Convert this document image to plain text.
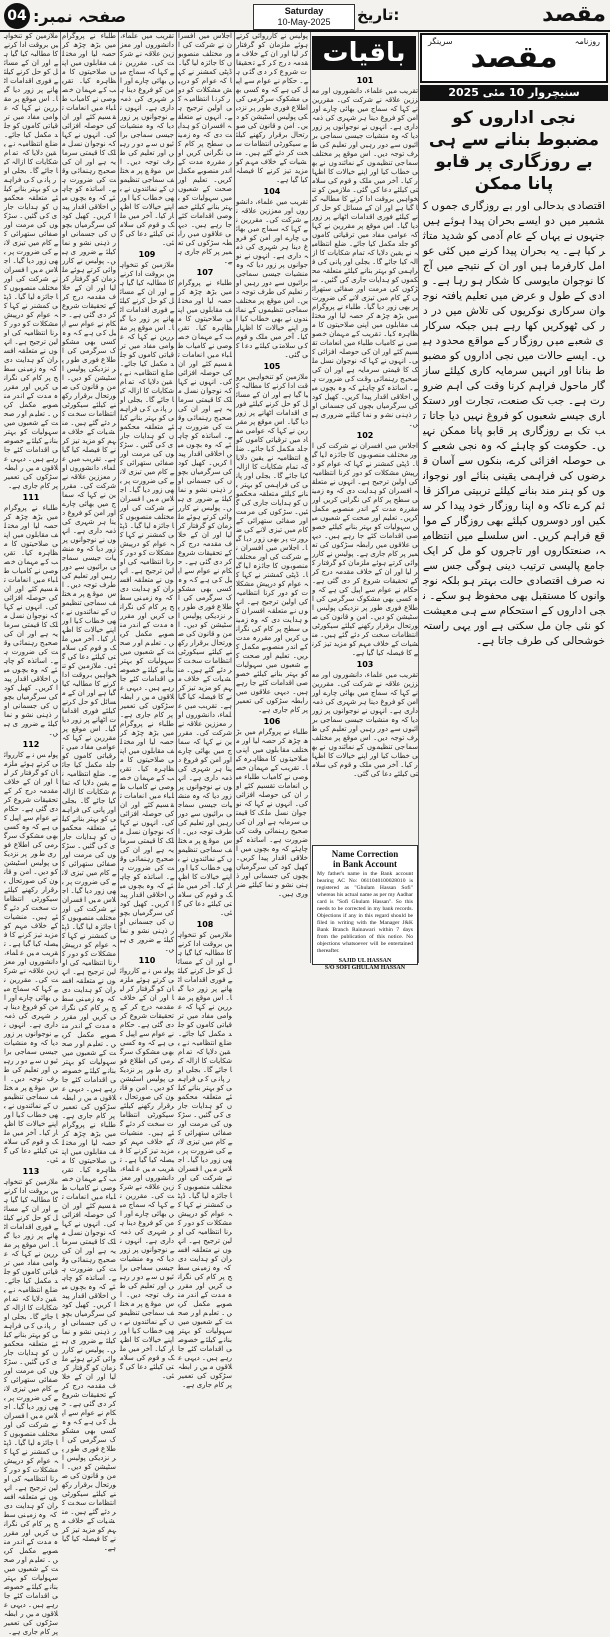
صفحہ نمبر:
04	Saturday
10-May-2025	تاریخ:	مقصد
ملازمین کو تنخواہیں بروقت ادا کرنے کا مطالبہ کیا گیا ہے اور ان کے مسائل کو حل کرنے کیلئے فوری اقدامات اٹھانے پر زور دیا گیا۔ اس موقع پر مقررین نے کہا کہ عوامی مفاد میں ترقیاتی کاموں کو جلد مکمل کیا جائے۔ ضلع انتظامیہ نے یقین دلایا کہ تمام شکایات کا ازالہ کیا جائے گا۔ بجلی اور پانی کی فراہمی کو بہتر بنانے کیلئے متعلقہ محکموں کو ہدایات جاری کی گئیں۔ سڑکوں کی مرمت اور صفائی ستھرائی کے کام میں تیزی لانے کی ضرورت پر بھی زور دیا گیا۔ اجلاس میں افسران نے شرکت کی اور مختلف منصوبوں کا جائزہ لیا گیا۔ ڈپٹی کمشنر نے کہا کہ عوام کو درپیش مشکلات کو دور کرنا انتظامیہ کی اولین ترجیح ہے۔ انہوں نے متعلقہ افسران کو ہدایت دی کہ وہ زمینی سطح پر کام کی نگرانی کریں اور مقررہ مدت کے اندر منصوبے مکمل کریں۔ تعلیم اور صحت کے شعبوں میں سہولیات کو بہتر بنانے کیلئے خصوصی اقدامات کئے جا رہے ہیں۔ دیہی علاقوں میں رابطہ سڑکوں کی تعمیر پر کام جاری ہے۔
111
طلباء نے پروگرام میں بڑھ چڑھ کر حصہ لیا اور مختلف مقابلوں میں اپنی صلاحیتوں کا مظاہرہ کیا۔ تقریب کے مہمان خصوصی نے کامیاب طلباء میں انعامات تقسیم کئے اور ان کی حوصلہ افزائی کی۔ انہوں نے کہا کہ نوجوان نسل ملک کا قیمتی سرمایہ ہے اور ان کی صحیح رہنمائی وقت کی ضرورت ہے۔ اساتذہ کو چاہئے کہ وہ بچوں میں اخلاقی اقدار پیدا کریں۔ کھیل کود کی سرگرمیاں بچوں کی جسمانی اور ذہنی نشو و نما کیلئے ضروری ہیں۔
112
پولیس نے کارروائی کرتے ہوئے ملزمان کو گرفتار کر لیا اور ان کے خلاف مقدمہ درج کر کے تحقیقات شروع کر دی گئی ہے۔ حکام نے عوام سے اپیل کی ہے کہ وہ کسی بھی مشکوک سرگرمی کی اطلاع فوری طور پر نزدیکی پولیس اسٹیشن کو دیں۔ امن و قانون کی صورتحال برقرار رکھنے کیلئے سیکورٹی انتظامات سخت کر دئے گئے ہیں۔ منشیات کے خلاف مہم کو مزید تیز کرنے کا فیصلہ کیا گیا ہے۔ تقریب میں علماء، دانشوروں اور معززین علاقہ نے شرکت کی۔ مقررین نے کہا کہ سماج میں بھائی چارے اور امن کو فروغ دینا ہر شہری کی ذمہ داری ہے۔ انہوں نے نوجوانوں پر زور دیا کہ وہ منشیات جیسی سماجی برائیوں سے دور رہیں اور تعلیم کی طرف توجہ دیں۔ اس موقع پر مختلف سماجی تنظیموں کے نمائندوں نے بھی خطاب کیا اور اپنے خیالات کا اظہار کیا۔ آخر میں ملک و قوم کی سلامتی کیلئے دعا کی گئی۔
113
ملازمین کو تنخواہیں بروقت ادا کرنے کا مطالبہ کیا گیا ہے اور ان کے مسائل کو حل کرنے کیلئے فوری اقدامات اٹھانے پر زور دیا گیا۔ اس موقع پر مقررین نے کہا کہ عوامی مفاد میں ترقیاتی کاموں کو جلد مکمل کیا جائے۔ ضلع انتظامیہ نے یقین دلایا کہ تمام شکایات کا ازالہ کیا جائے گا۔ بجلی اور پانی کی فراہمی کو بہتر بنانے کیلئے متعلقہ محکموں کو ہدایات جاری کی گئیں۔ سڑکوں کی مرمت اور صفائی ستھرائی کے کام میں تیزی لانے کی ضرورت پر بھی زور دیا گیا۔ اجلاس میں افسران نے شرکت کی اور مختلف منصوبوں کا جائزہ لیا گیا۔ ڈپٹی کمشنر نے کہا کہ عوام کو درپیش مشکلات کو دور کرنا انتظامیہ کی اولین ترجیح ہے۔ انہوں نے متعلقہ افسران کو ہدایت دی کہ وہ زمینی سطح پر کام کی نگرانی کریں اور مقررہ مدت کے اندر منصوبے مکمل کریں۔ تعلیم اور صحت کے شعبوں میں سہولیات کو بہتر بنانے کیلئے خصوصی اقدامات کئے جا رہے ہیں۔ دیہی علاقوں میں رابطہ سڑکوں کی تعمیر پر کام جاری ہے۔
طلباء نے پروگرام میں بڑھ چڑھ کر حصہ لیا اور مختلف مقابلوں میں اپنی صلاحیتوں کا مظاہرہ کیا۔ تقریب کے مہمان خصوصی نے کامیاب طلباء میں انعامات تقسیم کئے اور ان کی حوصلہ افزائی کی۔ انہوں نے کہا کہ نوجوان نسل ملک کا قیمتی سرمایہ ہے اور ان کی صحیح رہنمائی وقت کی ضرورت ہے۔ اساتذہ کو چاہئے کہ وہ بچوں میں اخلاقی اقدار پیدا کریں۔ کھیل کود کی سرگرمیاں بچوں کی جسمانی اور ذہنی نشو و نما کیلئے ضروری ہیں۔ پولیس نے کارروائی کرتے ہوئے ملزمان کو گرفتار کر لیا اور ان کے خلاف مقدمہ درج کر کے تحقیقات شروع کر دی گئی ہے۔ حکام نے عوام سے اپیل کی ہے کہ وہ کسی بھی مشکوک سرگرمی کی اطلاع فوری طور پر نزدیکی پولیس اسٹیشن کو دیں۔ امن و قانون کی صورتحال برقرار رکھنے کیلئے سیکورٹی انتظامات سخت کر دئے گئے ہیں۔ منشیات کے خلاف مہم کو مزید تیز کرنے کا فیصلہ کیا گیا ہے۔ تقریب میں علماء، دانشوروں اور معززین علاقہ نے شرکت کی۔ مقررین نے کہا کہ سماج میں بھائی چارے اور امن کو فروغ دینا ہر شہری کی ذمہ داری ہے۔ انہوں نے نوجوانوں پر زور دیا کہ وہ منشیات جیسی سماجی برائیوں سے دور رہیں اور تعلیم کی طرف توجہ دیں۔ اس موقع پر مختلف سماجی تنظیموں کے نمائندوں نے بھی خطاب کیا اور اپنے خیالات کا اظہار کیا۔ آخر میں ملک و قوم کی سلامتی کیلئے دعا کی گئی۔ ملازمین کو تنخواہیں بروقت ادا کرنے کا مطالبہ کیا گیا ہے اور ان کے مسائل کو حل کرنے کیلئے فوری اقدامات اٹھانے پر زور دیا گیا۔ اس موقع پر مقررین نے کہا کہ عوامی مفاد میں ترقیاتی کاموں کو جلد مکمل کیا جائے۔ ضلع انتظامیہ نے یقین دلایا کہ تمام شکایات کا ازالہ کیا جائے گا۔ بجلی اور پانی کی فراہمی کو بہتر بنانے کیلئے متعلقہ محکموں کو ہدایات جاری کی گئیں۔ سڑکوں کی مرمت اور صفائی ستھرائی کے کام میں تیزی لانے کی ضرورت پر بھی زور دیا گیا۔ اجلاس میں افسران نے شرکت کی اور مختلف منصوبوں کا جائزہ لیا گیا۔ ڈپٹی کمشنر نے کہا کہ عوام کو درپیش مشکلات کو دور کرنا انتظامیہ کی اولین ترجیح ہے۔ انہوں نے متعلقہ افسران کو ہدایت دی کہ وہ زمینی سطح پر کام کی نگرانی کریں اور مقررہ مدت کے اندر منصوبے مکمل کریں۔ تعلیم اور صحت کے شعبوں میں سہولیات کو بہتر بنانے کیلئے خصوصی اقدامات کئے جا رہے ہیں۔ دیہی علاقوں میں رابطہ سڑکوں کی تعمیر پر کام جاری ہے۔ طلباء نے پروگرام میں بڑھ چڑھ کر حصہ لیا اور مختلف مقابلوں میں اپنی صلاحیتوں کا مظاہرہ کیا۔ تقریب کے مہمان خصوصی نے کامیاب طلباء میں انعامات تقسیم کئے اور ان کی حوصلہ افزائی کی۔ انہوں نے کہا کہ نوجوان نسل ملک کا قیمتی سرمایہ ہے اور ان کی صحیح رہنمائی وقت کی ضرورت ہے۔ اساتذہ کو چاہئے کہ وہ بچوں میں اخلاقی اقدار پیدا کریں۔ کھیل کود کی سرگرمیاں بچوں کی جسمانی اور ذہنی نشو و نما کیلئے ضروری ہیں۔ پولیس نے کارروائی کرتے ہوئے ملزمان کو گرفتار کر لیا اور ان کے خلاف مقدمہ درج کر کے تحقیقات شروع کر دی گئی ہے۔ حکام نے عوام سے اپیل کی ہے کہ وہ کسی بھی مشکوک سرگرمی کی اطلاع فوری طور پر نزدیکی پولیس اسٹیشن کو دیں۔ امن و قانون کی صورتحال برقرار رکھنے کیلئے سیکورٹی انتظامات سخت کر دئے گئے ہیں۔ منشیات کے خلاف مہم کو مزید تیز کرنے کا فیصلہ کیا گیا ہے۔
تقریب میں علماء، دانشوروں اور معززین علاقہ نے شرکت کی۔ مقررین نے کہا کہ سماج میں بھائی چارے اور امن کو فروغ دینا ہر شہری کی ذمہ داری ہے۔ انہوں نے نوجوانوں پر زور دیا کہ وہ منشیات جیسی سماجی برائیوں سے دور رہیں اور تعلیم کی طرف توجہ دیں۔ اس موقع پر مختلف سماجی تنظیموں کے نمائندوں نے بھی خطاب کیا اور اپنے خیالات کا اظہار کیا۔ آخر میں ملک و قوم کی سلامتی کیلئے دعا کی گئی۔
109
ملازمین کو تنخواہیں بروقت ادا کرنے کا مطالبہ کیا گیا ہے اور ان کے مسائل کو حل کرنے کیلئے فوری اقدامات اٹھانے پر زور دیا گیا۔ اس موقع پر مقررین نے کہا کہ عوامی مفاد میں ترقیاتی کاموں کو جلد مکمل کیا جائے۔ ضلع انتظامیہ نے یقین دلایا کہ تمام شکایات کا ازالہ کیا جائے گا۔ بجلی اور پانی کی فراہمی کو بہتر بنانے کیلئے متعلقہ محکموں کو ہدایات جاری کی گئیں۔ سڑکوں کی مرمت اور صفائی ستھرائی کے کام میں تیزی لانے کی ضرورت پر بھی زور دیا گیا۔ اجلاس میں افسران نے شرکت کی اور مختلف منصوبوں کا جائزہ لیا گیا۔ ڈپٹی کمشنر نے کہا کہ عوام کو درپیش مشکلات کو دور کرنا انتظامیہ کی اولین ترجیح ہے۔ انہوں نے متعلقہ افسران کو ہدایت دی کہ وہ زمینی سطح پر کام کی نگرانی کریں اور مقررہ مدت کے اندر منصوبے مکمل کریں۔ تعلیم اور صحت کے شعبوں میں سہولیات کو بہتر بنانے کیلئے خصوصی اقدامات کئے جا رہے ہیں۔ دیہی علاقوں میں رابطہ سڑکوں کی تعمیر پر کام جاری ہے۔ طلباء نے پروگرام میں بڑھ چڑھ کر حصہ لیا اور مختلف مقابلوں میں اپنی صلاحیتوں کا مظاہرہ کیا۔ تقریب کے مہمان خصوصی نے کامیاب طلباء میں انعامات تقسیم کئے اور ان کی حوصلہ افزائی کی۔ انہوں نے کہا کہ نوجوان نسل ملک کا قیمتی سرمایہ ہے اور ان کی صحیح رہنمائی وقت کی ضرورت ہے۔ اساتذہ کو چاہئے کہ وہ بچوں میں اخلاقی اقدار پیدا کریں۔ کھیل کود کی سرگرمیاں بچوں کی جسمانی اور ذہنی نشو و نما کیلئے ضروری ہیں۔
110
پولیس نے کارروائی کرتے ہوئے ملزمان کو گرفتار کر لیا اور ان کے خلاف مقدمہ درج کر کے تحقیقات شروع کر دی گئی ہے۔ حکام نے عوام سے اپیل کی ہے کہ وہ کسی بھی مشکوک سرگرمی کی اطلاع فوری طور پر نزدیکی پولیس اسٹیشن کو دیں۔ امن و قانون کی صورتحال برقرار رکھنے کیلئے سیکورٹی انتظامات سخت کر دئے گئے ہیں۔ منشیات کے خلاف مہم کو مزید تیز کرنے کا فیصلہ کیا گیا ہے۔ تقریب میں علماء، دانشوروں اور معززین علاقہ نے شرکت کی۔ مقررین نے کہا کہ سماج میں بھائی چارے اور امن کو فروغ دینا ہر شہری کی ذمہ داری ہے۔ انہوں نے نوجوانوں پر زور دیا کہ وہ منشیات جیسی سماجی برائیوں سے دور رہیں اور تعلیم کی طرف توجہ دیں۔ اس موقع پر مختلف سماجی تنظیموں کے نمائندوں نے بھی خطاب کیا اور اپنے خیالات کا اظہار کیا۔ آخر میں ملک و قوم کی سلامتی کیلئے دعا کی گئی۔
اجلاس میں افسران نے شرکت کی اور مختلف منصوبوں کا جائزہ لیا گیا۔ ڈپٹی کمشنر نے کہا کہ عوام کو درپیش مشکلات کو دور کرنا انتظامیہ کی اولین ترجیح ہے۔ انہوں نے متعلقہ افسران کو ہدایت دی کہ وہ زمینی سطح پر کام کی نگرانی کریں اور مقررہ مدت کے اندر منصوبے مکمل کریں۔ تعلیم اور صحت کے شعبوں میں سہولیات کو بہتر بنانے کیلئے خصوصی اقدامات کئے جا رہے ہیں۔ دیہی علاقوں میں رابطہ سڑکوں کی تعمیر پر کام جاری ہے۔
107
طلباء نے پروگرام میں بڑھ چڑھ کر حصہ لیا اور مختلف مقابلوں میں اپنی صلاحیتوں کا مظاہرہ کیا۔ تقریب کے مہمان خصوصی نے کامیاب طلباء میں انعامات تقسیم کئے اور ان کی حوصلہ افزائی کی۔ انہوں نے کہا کہ نوجوان نسل ملک کا قیمتی سرمایہ ہے اور ان کی صحیح رہنمائی وقت کی ضرورت ہے۔ اساتذہ کو چاہئے کہ وہ بچوں میں اخلاقی اقدار پیدا کریں۔ کھیل کود کی سرگرمیاں بچوں کی جسمانی اور ذہنی نشو و نما کیلئے ضروری ہیں۔ پولیس نے کارروائی کرتے ہوئے ملزمان کو گرفتار کر لیا اور ان کے خلاف مقدمہ درج کر کے تحقیقات شروع کر دی گئی ہے۔ حکام نے عوام سے اپیل کی ہے کہ وہ کسی بھی مشکوک سرگرمی کی اطلاع فوری طور پر نزدیکی پولیس اسٹیشن کو دیں۔ امن و قانون کی صورتحال برقرار رکھنے کیلئے سیکورٹی انتظامات سخت کر دئے گئے ہیں۔ منشیات کے خلاف مہم کو مزید تیز کرنے کا فیصلہ کیا گیا ہے۔ تقریب میں علماء، دانشوروں اور معززین علاقہ نے شرکت کی۔ مقررین نے کہا کہ سماج میں بھائی چارے اور امن کو فروغ دینا ہر شہری کی ذمہ داری ہے۔ انہوں نے نوجوانوں پر زور دیا کہ وہ منشیات جیسی سماجی برائیوں سے دور رہیں اور تعلیم کی طرف توجہ دیں۔ اس موقع پر مختلف سماجی تنظیموں کے نمائندوں نے بھی خطاب کیا اور اپنے خیالات کا اظہار کیا۔ آخر میں ملک و قوم کی سلامتی کیلئے دعا کی گئی۔
108
ملازمین کو تنخواہیں بروقت ادا کرنے کا مطالبہ کیا گیا ہے اور ان کے مسائل کو حل کرنے کیلئے فوری اقدامات اٹھانے پر زور دیا گیا۔ اس موقع پر مقررین نے کہا کہ عوامی مفاد میں ترقیاتی کاموں کو جلد مکمل کیا جائے۔ ضلع انتظامیہ نے یقین دلایا کہ تمام شکایات کا ازالہ کیا جائے گا۔ بجلی اور پانی کی فراہمی کو بہتر بنانے کیلئے متعلقہ محکموں کو ہدایات جاری کی گئیں۔ سڑکوں کی مرمت اور صفائی ستھرائی کے کام میں تیزی لانے کی ضرورت پر بھی زور دیا گیا۔ اجلاس میں افسران نے شرکت کی اور مختلف منصوبوں کا جائزہ لیا گیا۔ ڈپٹی کمشنر نے کہا کہ عوام کو درپیش مشکلات کو دور کرنا انتظامیہ کی اولین ترجیح ہے۔ انہوں نے متعلقہ افسران کو ہدایت دی کہ وہ زمینی سطح پر کام کی نگرانی کریں اور مقررہ مدت کے اندر منصوبے مکمل کریں۔ تعلیم اور صحت کے شعبوں میں سہولیات کو بہتر بنانے کیلئے خصوصی اقدامات کئے جا رہے ہیں۔ دیہی علاقوں میں رابطہ سڑکوں کی تعمیر پر کام جاری ہے۔
پولیس نے کارروائی کرتے ہوئے ملزمان کو گرفتار کر لیا اور ان کے خلاف مقدمہ درج کر کے تحقیقات شروع کر دی گئی ہے۔ حکام نے عوام سے اپیل کی ہے کہ وہ کسی بھی مشکوک سرگرمی کی اطلاع فوری طور پر نزدیکی پولیس اسٹیشن کو دیں۔ امن و قانون کی صورتحال برقرار رکھنے کیلئے سیکورٹی انتظامات سخت کر دئے گئے ہیں۔ منشیات کے خلاف مہم کو مزید تیز کرنے کا فیصلہ کیا گیا ہے۔
104
تقریب میں علماء، دانشوروں اور معززین علاقہ نے شرکت کی۔ مقررین نے کہا کہ سماج میں بھائی چارے اور امن کو فروغ دینا ہر شہری کی ذمہ داری ہے۔ انہوں نے نوجوانوں پر زور دیا کہ وہ منشیات جیسی سماجی برائیوں سے دور رہیں اور تعلیم کی طرف توجہ دیں۔ اس موقع پر مختلف سماجی تنظیموں کے نمائندوں نے بھی خطاب کیا اور اپنے خیالات کا اظہار کیا۔ آخر میں ملک و قوم کی سلامتی کیلئے دعا کی گئی۔
105
ملازمین کو تنخواہیں بروقت ادا کرنے کا مطالبہ کیا گیا ہے اور ان کے مسائل کو حل کرنے کیلئے فوری اقدامات اٹھانے پر زور دیا گیا۔ اس موقع پر مقررین نے کہا کہ عوامی مفاد میں ترقیاتی کاموں کو جلد مکمل کیا جائے۔ ضلع انتظامیہ نے یقین دلایا کہ تمام شکایات کا ازالہ کیا جائے گا۔ بجلی اور پانی کی فراہمی کو بہتر بنانے کیلئے متعلقہ محکموں کو ہدایات جاری کی گئیں۔ سڑکوں کی مرمت اور صفائی ستھرائی کے کام میں تیزی لانے کی ضرورت پر بھی زور دیا گیا۔ اجلاس میں افسران نے شرکت کی اور مختلف منصوبوں کا جائزہ لیا گیا۔ ڈپٹی کمشنر نے کہا کہ عوام کو درپیش مشکلات کو دور کرنا انتظامیہ کی اولین ترجیح ہے۔ انہوں نے متعلقہ افسران کو ہدایت دی کہ وہ زمینی سطح پر کام کی نگرانی کریں اور مقررہ مدت کے اندر منصوبے مکمل کریں۔ تعلیم اور صحت کے شعبوں میں سہولیات کو بہتر بنانے کیلئے خصوصی اقدامات کئے جا رہے ہیں۔ دیہی علاقوں میں رابطہ سڑکوں کی تعمیر پر کام جاری ہے۔
106
طلباء نے پروگرام میں بڑھ چڑھ کر حصہ لیا اور مختلف مقابلوں میں اپنی صلاحیتوں کا مظاہرہ کیا۔ تقریب کے مہمان خصوصی نے کامیاب طلباء میں انعامات تقسیم کئے اور ان کی حوصلہ افزائی کی۔ انہوں نے کہا کہ نوجوان نسل ملک کا قیمتی سرمایہ ہے اور ان کی صحیح رہنمائی وقت کی ضرورت ہے۔ اساتذہ کو چاہئے کہ وہ بچوں میں اخلاقی اقدار پیدا کریں۔ کھیل کود کی سرگرمیاں بچوں کی جسمانی اور ذہنی نشو و نما کیلئے ضروری ہیں۔
باقیات
101
تقریب میں علماء، دانشوروں اور معززین علاقہ نے شرکت کی۔ مقررین نے کہا کہ سماج میں بھائی چارے اور امن کو فروغ دینا ہر شہری کی ذمہ داری ہے۔ انہوں نے نوجوانوں پر زور دیا کہ وہ منشیات جیسی سماجی برائیوں سے دور رہیں اور تعلیم کی طرف توجہ دیں۔ اس موقع پر مختلف سماجی تنظیموں کے نمائندوں نے بھی خطاب کیا اور اپنے خیالات کا اظہار کیا۔ آخر میں ملک و قوم کی سلامتی کیلئے دعا کی گئی۔ ملازمین کو تنخواہیں بروقت ادا کرنے کا مطالبہ کیا گیا ہے اور ان کے مسائل کو حل کرنے کیلئے فوری اقدامات اٹھانے پر زور دیا گیا۔ اس موقع پر مقررین نے کہا کہ عوامی مفاد میں ترقیاتی کاموں کو جلد مکمل کیا جائے۔ ضلع انتظامیہ نے یقین دلایا کہ تمام شکایات کا ازالہ کیا جائے گا۔ بجلی اور پانی کی فراہمی کو بہتر بنانے کیلئے متعلقہ محکموں کو ہدایات جاری کی گئیں۔ سڑکوں کی مرمت اور صفائی ستھرائی کے کام میں تیزی لانے کی ضرورت پر بھی زور دیا گیا۔ طلباء نے پروگرام میں بڑھ چڑھ کر حصہ لیا اور مختلف مقابلوں میں اپنی صلاحیتوں کا مظاہرہ کیا۔ تقریب کے مہمان خصوصی نے کامیاب طلباء میں انعامات تقسیم کئے اور ان کی حوصلہ افزائی کی۔ انہوں نے کہا کہ نوجوان نسل ملک کا قیمتی سرمایہ ہے اور ان کی صحیح رہنمائی وقت کی ضرورت ہے۔ اساتذہ کو چاہئے کہ وہ بچوں میں اخلاقی اقدار پیدا کریں۔ کھیل کود کی سرگرمیاں بچوں کی جسمانی اور ذہنی نشو و نما کیلئے ضروری ہیں۔
102
اجلاس میں افسران نے شرکت کی اور مختلف منصوبوں کا جائزہ لیا گیا۔ ڈپٹی کمشنر نے کہا کہ عوام کو درپیش مشکلات کو دور کرنا انتظامیہ کی اولین ترجیح ہے۔ انہوں نے متعلقہ افسران کو ہدایت دی کہ وہ زمینی سطح پر کام کی نگرانی کریں اور مقررہ مدت کے اندر منصوبے مکمل کریں۔ تعلیم اور صحت کے شعبوں میں سہولیات کو بہتر بنانے کیلئے خصوصی اقدامات کئے جا رہے ہیں۔ دیہی علاقوں میں رابطہ سڑکوں کی تعمیر پر کام جاری ہے۔ پولیس نے کارروائی کرتے ہوئے ملزمان کو گرفتار کر لیا اور ان کے خلاف مقدمہ درج کر کے تحقیقات شروع کر دی گئی ہے۔ حکام نے عوام سے اپیل کی ہے کہ وہ کسی بھی مشکوک سرگرمی کی اطلاع فوری طور پر نزدیکی پولیس اسٹیشن کو دیں۔ امن و قانون کی صورتحال برقرار رکھنے کیلئے سیکورٹی انتظامات سخت کر دئے گئے ہیں۔ منشیات کے خلاف مہم کو مزید تیز کرنے کا فیصلہ کیا گیا ہے۔
103
تقریب میں علماء، دانشوروں اور معززین علاقہ نے شرکت کی۔ مقررین نے کہا کہ سماج میں بھائی چارے اور امن کو فروغ دینا ہر شہری کی ذمہ داری ہے۔ انہوں نے نوجوانوں پر زور دیا کہ وہ منشیات جیسی سماجی برائیوں سے دور رہیں اور تعلیم کی طرف توجہ دیں۔ اس موقع پر مختلف سماجی تنظیموں کے نمائندوں نے بھی خطاب کیا اور اپنے خیالات کا اظہار کیا۔ آخر میں ملک و قوم کی سلامتی کیلئے دعا کی گئی۔
Name Correction
in Bank Account
My father's name in the Bank account bearing AC No: 0611040100028010 is registered as "Ghulam Hassan Sofi" whereas his actual name as per my Aadhar card is "Sofi Ghulam Hassan". So this needs to be corrected in my bank records. Objections if any in this regard should be filed in writing with the Manager J&K Bank Branch Rainawari within 7 days from the publication of this notice. No objections whatsoever will be entertained thereafter.
SAJID UL HASSAN
S/O SOFI GHULAM HASSAN
روزنامہ
سرینگر مقصد
سنیچروار 10 مئی 2025
نجی اداروں کو مضبوط بنانے سے ہی بے روزگاری پر قابو پانا ممکن
اقتصادی بدحالی اور بے روزگاری جموں کشمیر میں دو ایسے بحران پیدا ہوئے ہیں جنہوں نے یہاں کے عام آدمی کو شدید متاثر کیا ہے۔ یہ بحران پیدا کرنے میں کئی عوامل کارفرما ہیں اور ان کے نتیجے میں آج کا نوجوان مایوسی کا شکار ہو رہا ہے۔ وادی کے طول و عرض میں تعلیم یافتہ نوجوان سرکاری نوکریوں کی تلاش میں در در کی ٹھوکریں کھا رہے ہیں جبکہ سرکاری شعبے میں روزگار کے مواقع محدود ہیں۔ ایسے حالات میں نجی اداروں کو مضبوط بنانا اور انہیں سرمایہ کاری کیلئے ساز گار ماحول فراہم کرنا وقت کی اہم ضرورت ہے۔ جب تک صنعت، تجارت اور دستکاری جیسے شعبوں کو فروغ نہیں دیا جاتا تب تک بے روزگاری پر قابو پانا ممکن نہیں۔ حکومت کو چاہئے کہ وہ نجی شعبے کی حوصلہ افزائی کرے، بنکوں سے آسان قرضوں کی فراہمی یقینی بنائے اور نوجوانوں کو ہنر مند بنانے کیلئے تربیتی مراکز قائم کرے تاکہ وہ اپنا روزگار خود پیدا کر سکیں اور دوسروں کیلئے بھی روزگار کے مواقع فراہم کریں۔ اس سلسلے میں انتظامیہ، صنعتکاروں اور تاجروں کو مل کر ایک جامع پالیسی ترتیب دینی ہوگی جس سے نہ صرف اقتصادی حالت بہتر ہو بلکہ نوجوانوں کا مستقبل بھی محفوظ ہو سکے۔ نجی اداروں کے استحکام سے ہی معیشت کو نئی جان مل سکتی ہے اور یہی راستہ خوشحالی کی طرف جاتا ہے۔
